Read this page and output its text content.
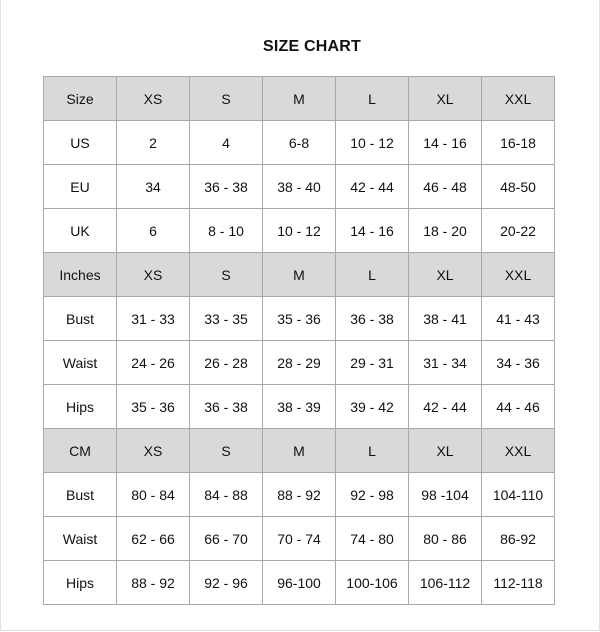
SIZE CHART
Size	XS	S	M	L	XL	XXL
US	2	4	6-8	10 - 12	14 - 16	16-18
EU	34	36 - 38	38 - 40	42 - 44	46 - 48	48-50
UK	6	8 - 10	10 - 12	14 - 16	18 - 20	20-22
Inches	XS	S	M	L	XL	XXL
Bust	31 - 33	33 - 35	35 - 36	36 - 38	38 - 41	41 - 43
Waist	24 - 26	26 - 28	28 - 29	29 - 31	31 - 34	34 - 36
Hips	35 - 36	36 - 38	38 - 39	39 - 42	42 - 44	44 - 46
CM	XS	S	M	L	XL	XXL
Bust	80 - 84	84 - 88	88 - 92	92 - 98	98 -104	104-110
Waist	62 - 66	66 - 70	70 - 74	74 - 80	80 - 86	86-92
Hips	88 - 92	92 - 96	96-100	100-106	106-112	112-118
